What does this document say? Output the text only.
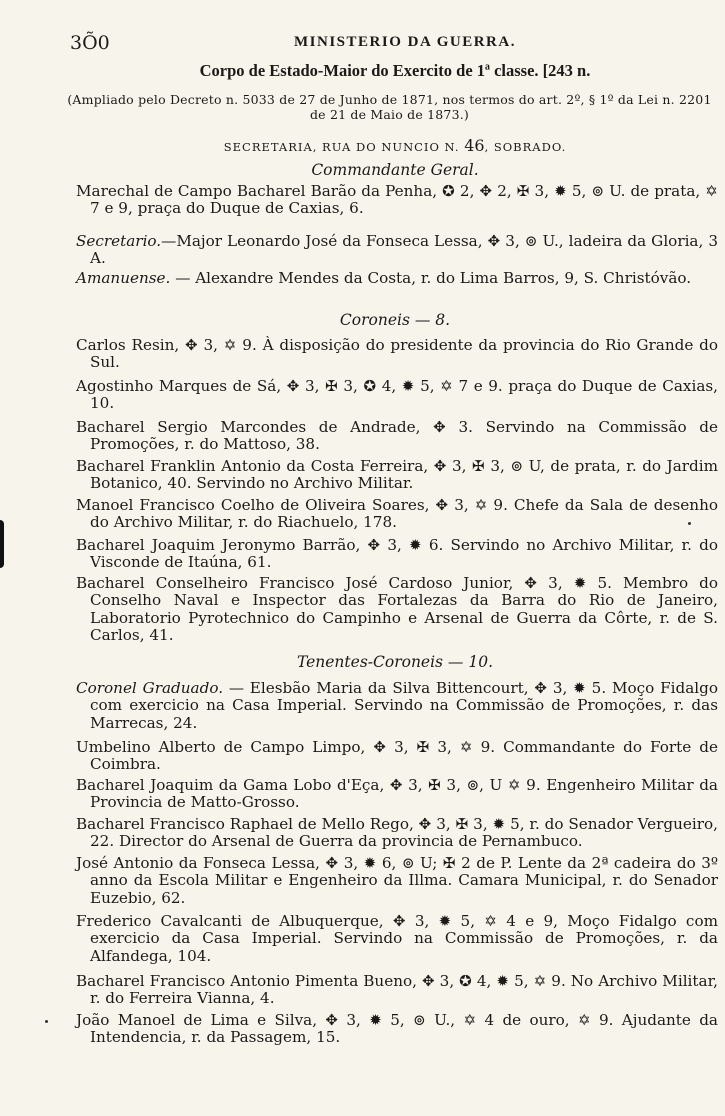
3Õ0	MINISTERIO DA GUERRA.
Corpo de Estado-Maior do Exercito de 1ª classe. [243 n.
(Ampliado pelo Decreto n. 5033 de 27 de Junho de 1871, nos termos do art. 2º, § 1º da Lei n. 2201 de 21 de Maio de 1873.)
SECRETARIA, RUA DO NUNCIO N. 46, SOBRADO.
Commandante Geral.
Marechal de Campo Bacharel Barão da Penha, ✪ 2, ✥ 2, ✠ 3, ✹ 5, ⊚ U. de prata, ✡ 7 e 9, praça do Duque de Caxias, 6.
Secretario.—Major Leonardo José da Fonseca Lessa, ✥ 3, ⊚ U., ladeira da Gloria, 3 A.
Amanuense. — Alexandre Mendes da Costa, r. do Lima Barros, 9, S. Christóvão.
Coroneis — 8.
Carlos Resin, ✥ 3, ✡ 9. À disposição do presidente da provincia do Rio Grande do Sul.
Agostinho Marques de Sá, ✥ 3, ✠ 3, ✪ 4, ✹ 5, ✡ 7 e 9. praça do Duque de Caxias, 10.
Bacharel Sergio Marcondes de Andrade, ✥ 3. Servindo na Commissão de Promoções, r. do Mattoso, 38.
Bacharel Franklin Antonio da Costa Ferreira, ✥ 3, ✠ 3, ⊚ U, de prata, r. do Jardim Botanico, 40. Servindo no Archivo Militar.
Manoel Francisco Coelho de Oliveira Soares, ✥ 3, ✡ 9. Chefe da Sala de desenho do Archivo Militar, r. do Riachuelo, 178.
Bacharel Joaquim Jeronymo Barrão, ✥ 3, ✹ 6. Servindo no Archivo Militar, r. do Visconde de Itaúna, 61.
Bacharel Conselheiro Francisco José Cardoso Junior, ✥ 3, ✹ 5. Membro do Conselho Naval e Inspector das Fortalezas da Barra do Rio de Janeiro, Laboratorio Pyrotechnico do Campinho e Arsenal de Guerra da Côrte, r. de S. Carlos, 41.
Tenentes-Coroneis — 10.
Coronel Graduado. — Elesbão Maria da Silva Bittencourt, ✥ 3, ✹ 5. Moço Fidalgo com exercicio na Casa Imperial. Servindo na Commissão de Promoções, r. das Marrecas, 24.
Umbelino Alberto de Campo Limpo, ✥ 3, ✠ 3, ✡ 9. Commandante do Forte de Coimbra.
Bacharel Joaquim da Gama Lobo d'Eça, ✥ 3, ✠ 3, ⊚, U ✡ 9. Engenheiro Militar da Provincia de Matto-Grosso.
Bacharel Francisco Raphael de Mello Rego, ✥ 3, ✠ 3, ✹ 5, r. do Senador Vergueiro, 22. Director do Arsenal de Guerra da provincia de Pernambuco.
José Antonio da Fonseca Lessa, ✥ 3, ✹ 6, ⊚ U; ✠ 2 de P. Lente da 2ª cadeira do 3º anno da Escola Militar e Engenheiro da Illma. Camara Municipal, r. do Senador Euzebio, 62.
Frederico Cavalcanti de Albuquerque, ✥ 3, ✹ 5, ✡ 4 e 9, Moço Fidalgo com exercicio da Casa Imperial. Servindo na Commissão de Promoções, r. da Alfandega, 104.
Bacharel Francisco Antonio Pimenta Bueno, ✥ 3, ✪ 4, ✹ 5, ✡ 9. No Archivo Militar, r. do Ferreira Vianna, 4.
João Manoel de Lima e Silva, ✥ 3, ✹ 5, ⊚ U., ✡ 4 de ouro, ✡ 9. Ajudante da Intendencia, r. da Passagem, 15.
